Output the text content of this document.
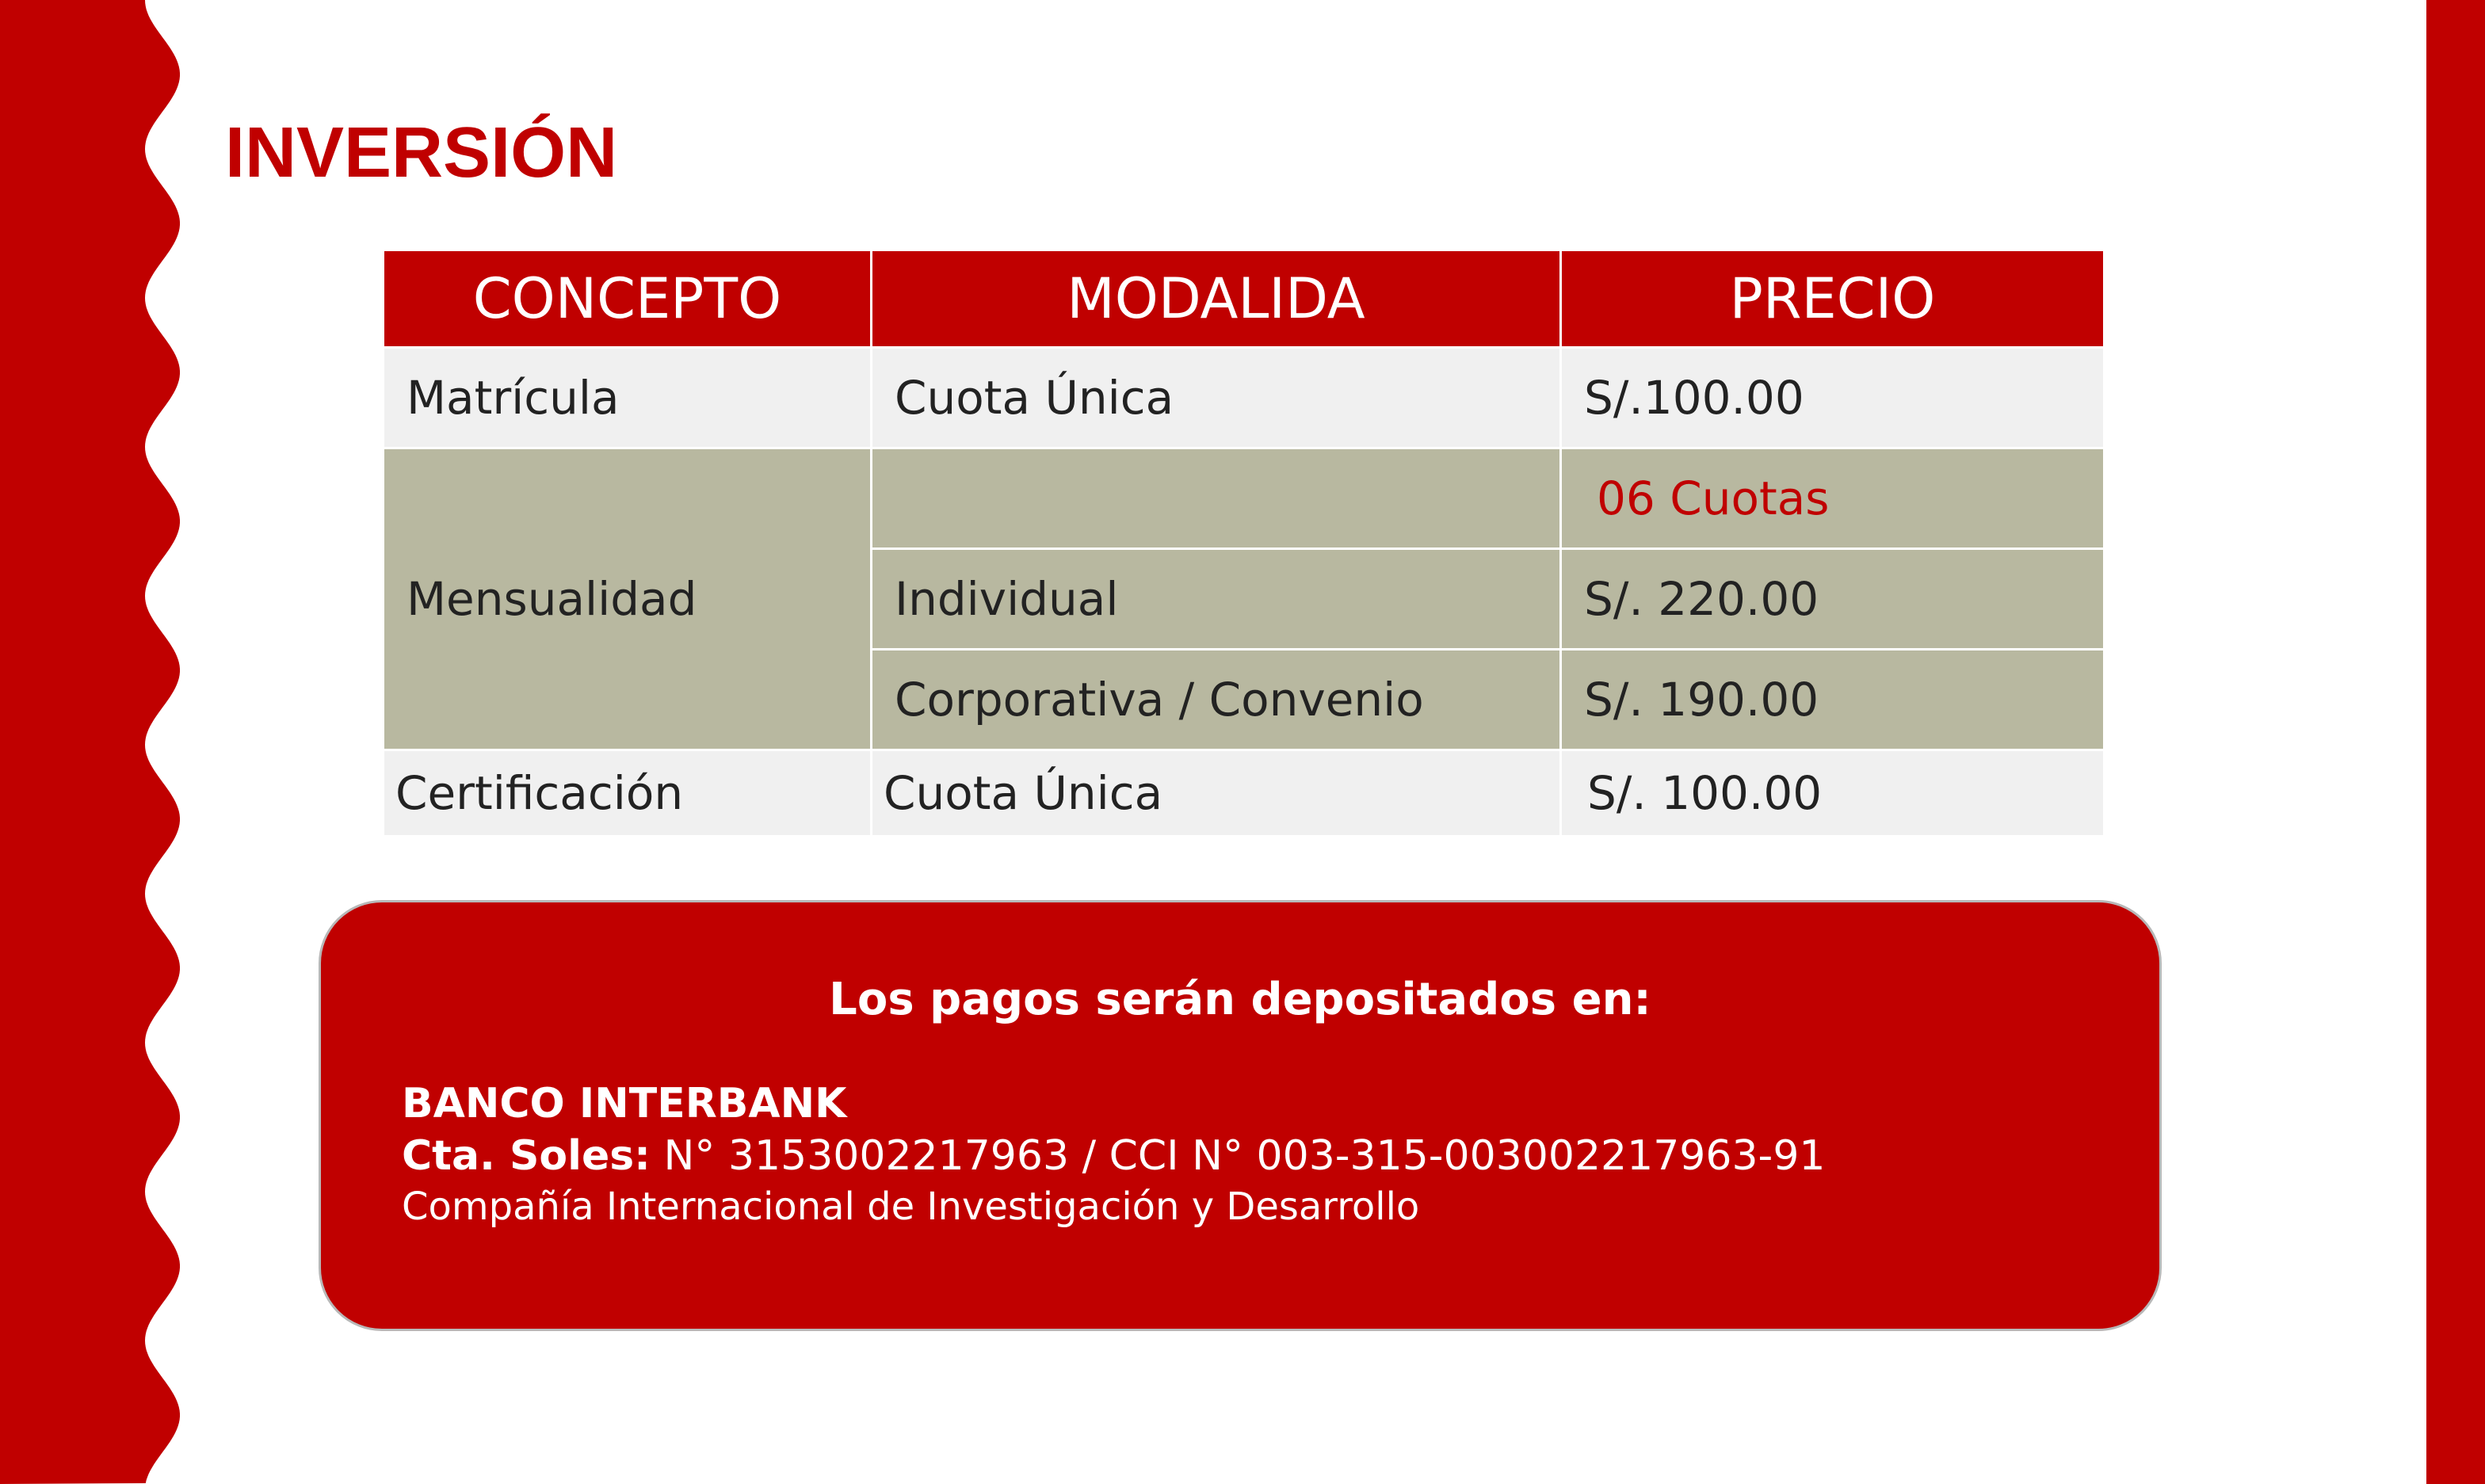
INVERSIÓN
CONCEPTO	MODALIDA	PRECIO
Matrícula	Cuota Única	S/.100.00
Mensualidad		06 Cuotas
	Individual	S/. 220.00
	Corporativa / Convenio	S/. 190.00
Certificación	Cuota Única	S/. 100.00
Los pagos serán depositados en:
BANCO INTERBANK
Cta. Soles: N° 3153002217963 / CCI N° 003-315-003002217963-91
Compañía Internacional de Investigación y Desarrollo
